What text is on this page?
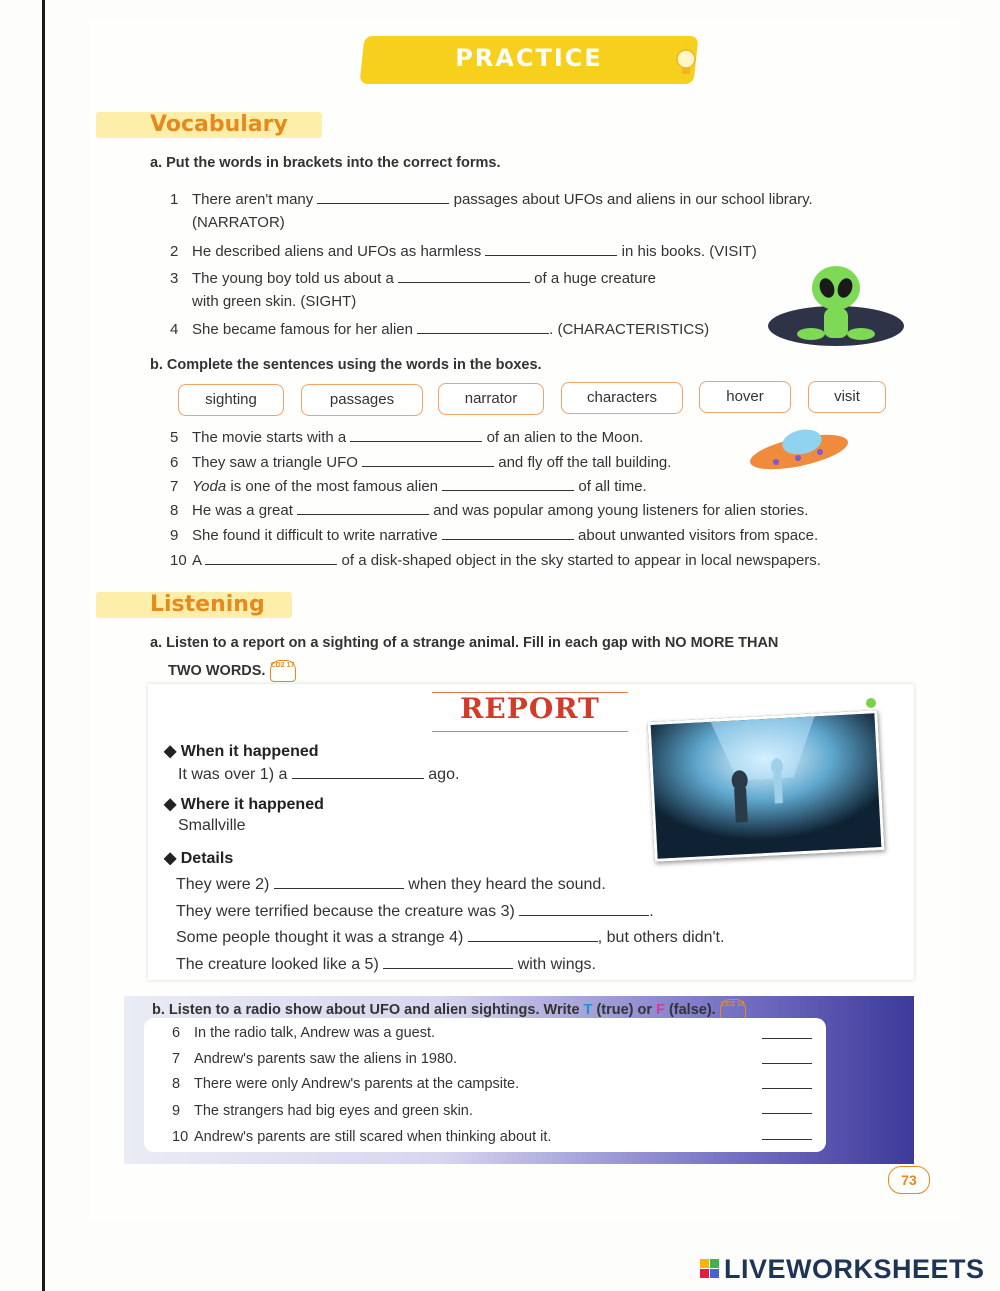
PRACTICE
Vocabulary
a. Put the words in brackets into the correct forms.
1 There aren't many	passages about UFOs and aliens in our school library.
(NARRATOR)
2 He described aliens and UFOs as harmless	in his books. (VISIT)
3 The young boy told us about a	of a huge creature
with green skin. (SIGHT)
4 She became famous for her alien	. (CHARACTERISTICS)
b. Complete the sentences using the words in the boxes.
sighting	passages	narrator	characters	hover	visit
5 The movie starts with a	of an alien to the Moon.
6 They saw a triangle UFO	and fly off the tall building.
7 Yoda is one of the most famous alien	of all time.
8 He was a great	and was popular among young listeners for alien stories.
9 She found it difficult to write narrative	about unwanted visitors from space.
10 A	of a disk-shaped object in the sky started to appear in local newspapers.
Listening
a. Listen to a report on a sighting of a strange animal. Fill in each gap with NO MORE THAN
TWO WORDS. CD2 17
REPORT
◆ When it happened
It was over 1) a	ago.
◆ Where it happened
Smallville
◆ Details
They were 2)	when they heard the sound.
They were terrified because the creature was 3)	.
Some people thought it was a strange 4)	, but others didn't.
The creature looked like a 5)	with wings.
b. Listen to a radio show about UFO and alien sightings. Write T (true) or F (false). CD2 18
6 In the radio talk, Andrew was a guest.
7 Andrew's parents saw the aliens in 1980.
8 There were only Andrew's parents at the campsite.
9 The strangers had big eyes and green skin.
10 Andrew's parents are still scared when thinking about it.
73
LIVEWORKSHEETS
